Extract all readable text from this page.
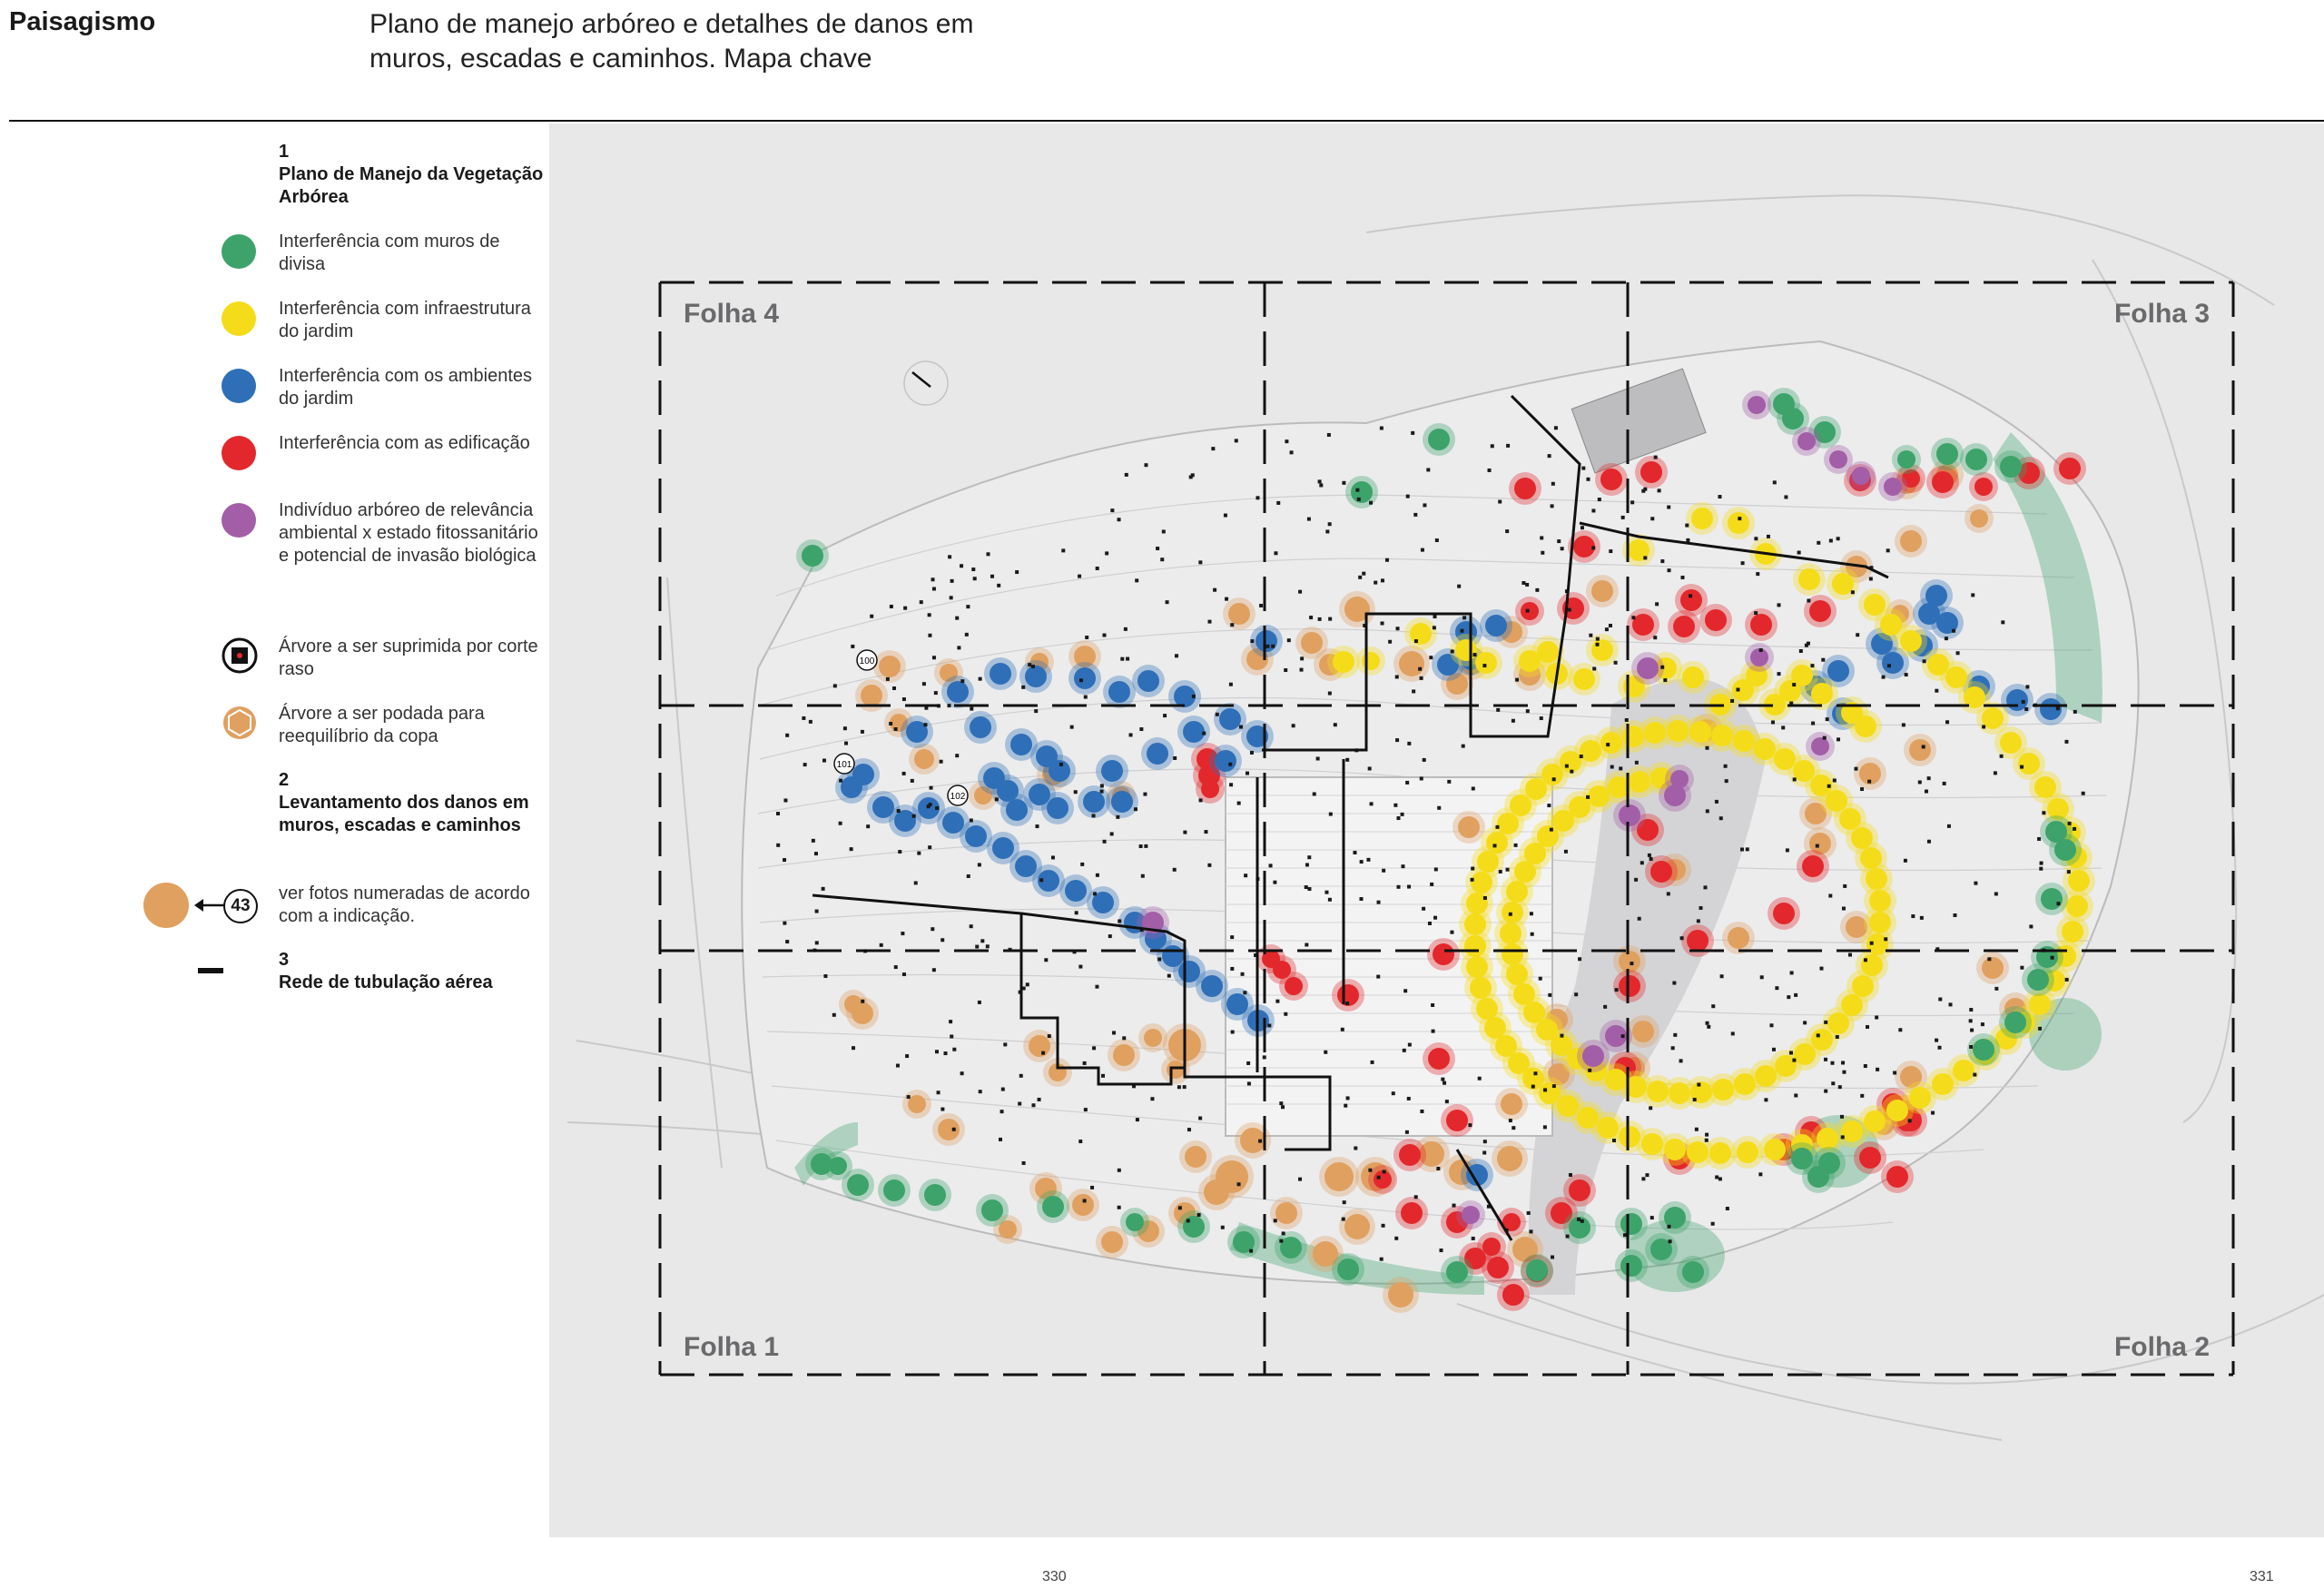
Paisagismo	Plano de manejo arbóreo e detalhes de danos em muros, escadas e caminhos. Mapa chave
1
Plano de Manejo da Vegetação Arbórea
Interferência com muros de divisa
Interferência com infraestrutura do jardim
Interferência com os ambientes do jardim
Interferência com as edificação
Indivíduo arbóreo de relevância ambiental x estado fitossanitário e potencial de invasão biológica
Árvore a ser suprimida por corte raso
Árvore a ser podada para reequilíbrio da copa
2
Levantamento dos danos em muros, escadas e caminhos
43
ver fotos numeradas de acordo com a indicação.
3
Rede de tubulação aérea
Folha 4	Folha 3
Folha 1	Folha 2
100
101
102
330	331
